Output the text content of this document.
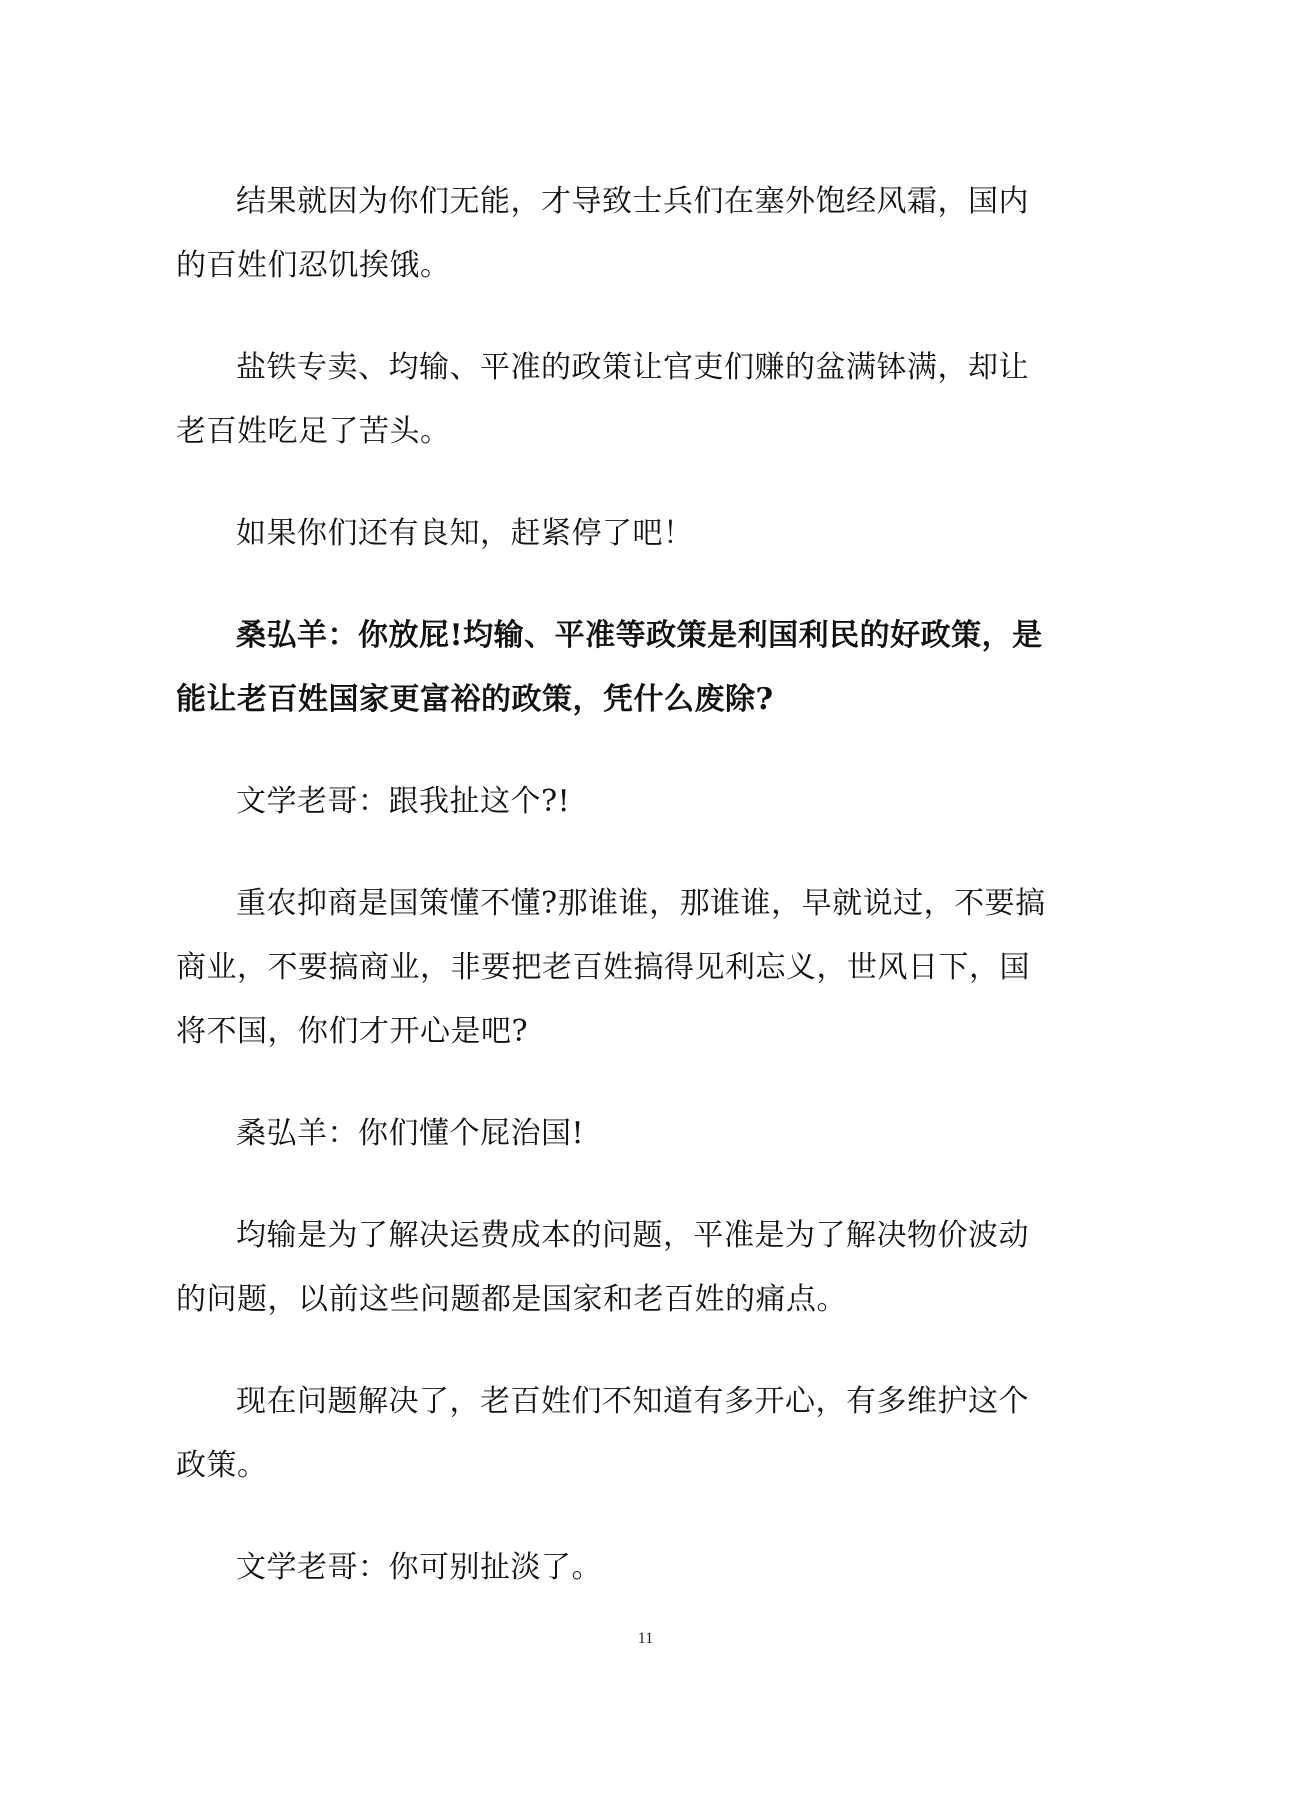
结果就因为你们无能，才导致士兵们在塞外饱经风霜，国内的百姓们忍饥挨饿。

盐铁专卖、均输、平准的政策让官吏们赚的盆满钵满，却让老百姓吃足了苦头。

如果你们还有良知，赶紧停了吧！

桑弘羊：你放屁!均输、平准等政策是利国利民的好政策，是能让老百姓国家更富裕的政策，凭什么废除?

文学老哥：跟我扯这个?!

重农抑商是国策懂不懂?那谁谁，那谁谁，早就说过，不要搞商业，不要搞商业，非要把老百姓搞得见利忘义，世风日下，国将不国，你们才开心是吧?

桑弘羊：你们懂个屁治国!

均输是为了解决运费成本的问题，平准是为了解决物价波动的问题，以前这些问题都是国家和老百姓的痛点。

现在问题解决了，老百姓们不知道有多开心，有多维护这个政策。

文学老哥：你可别扯淡了。

11
